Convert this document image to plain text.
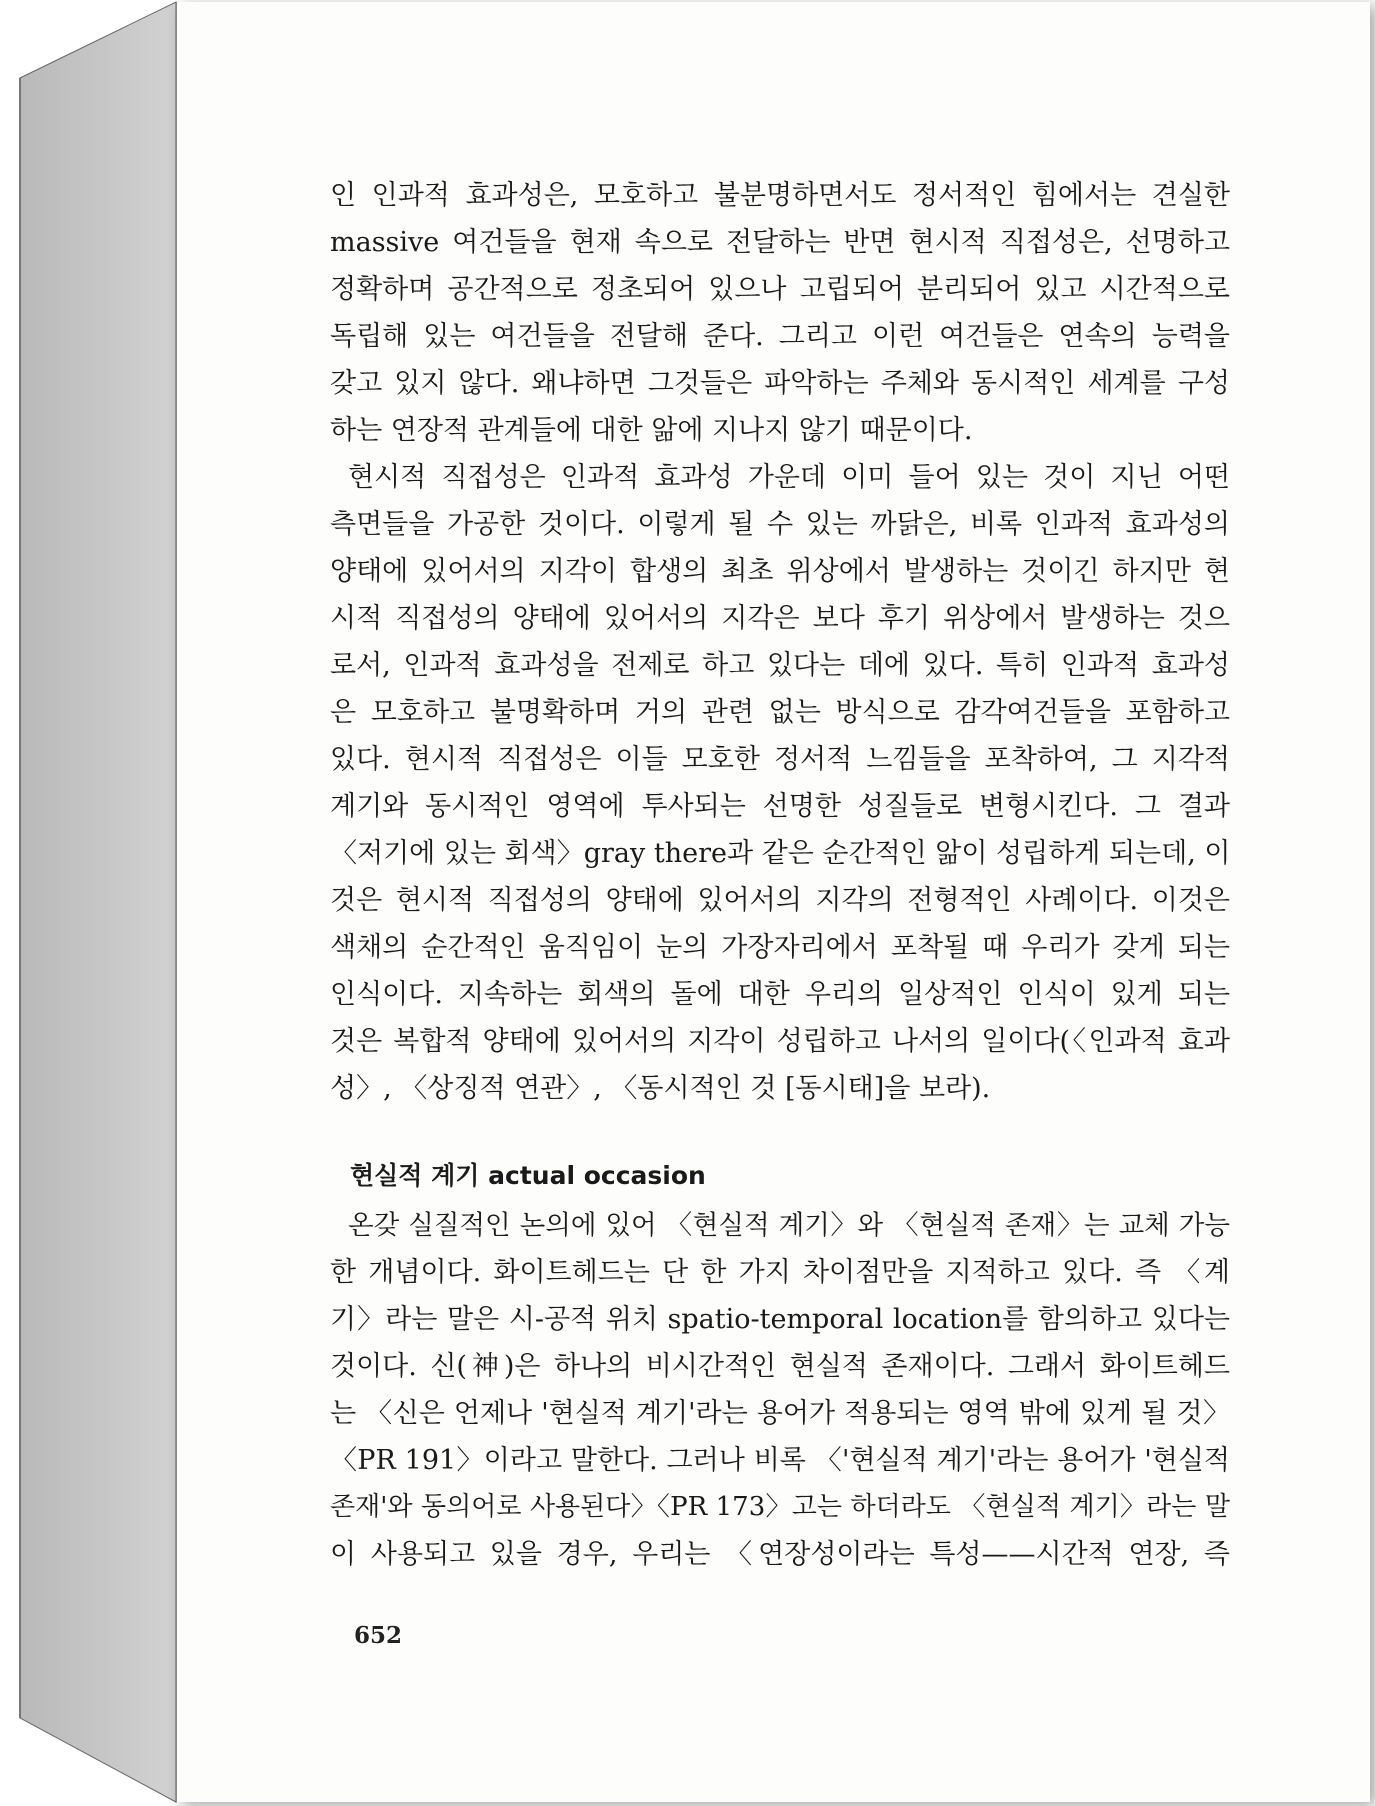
인 인과적 효과성은, 모호하고 불분명하면서도 정서적인 힘에서는 견실한
massive 여건들을 현재 속으로 전달하는 반면 현시적 직접성은, 선명하고
정확하며 공간적으로 정초되어 있으나 고립되어 분리되어 있고 시간적으로
독립해 있는 여건들을 전달해 준다. 그리고 이런 여건들은 연속의 능력을
갖고 있지 않다. 왜냐하면 그것들은 파악하는 주체와 동시적인 세계를 구성
하는 연장적 관계들에 대한 앎에 지나지 않기 때문이다.
현시적 직접성은 인과적 효과성 가운데 이미 들어 있는 것이 지닌 어떤
측면들을 가공한 것이다. 이렇게 될 수 있는 까닭은, 비록 인과적 효과성의
양태에 있어서의 지각이 합생의 최초 위상에서 발생하는 것이긴 하지만 현
시적 직접성의 양태에 있어서의 지각은 보다 후기 위상에서 발생하는 것으
로서, 인과적 효과성을 전제로 하고 있다는 데에 있다. 특히 인과적 효과성
은 모호하고 불명확하며 거의 관련 없는 방식으로 감각여건들을 포함하고
있다. 현시적 직접성은 이들 모호한 정서적 느낌들을 포착하여, 그 지각적
계기와 동시적인 영역에 투사되는 선명한 성질들로 변형시킨다. 그 결과
〈저기에 있는 회색〉gray there과 같은 순간적인 앎이 성립하게 되는데, 이
것은 현시적 직접성의 양태에 있어서의 지각의 전형적인 사례이다. 이것은
색채의 순간적인 움직임이 눈의 가장자리에서 포착될 때 우리가 갖게 되는
인식이다. 지속하는 회색의 돌에 대한 우리의 일상적인 인식이 있게 되는
것은 복합적 양태에 있어서의 지각이 성립하고 나서의 일이다(〈인과적 효과
성〉, 〈상징적 연관〉, 〈동시적인 것 [동시태]을 보라).
현실적 계기 actual occasion
온갖 실질적인 논의에 있어 〈현실적 계기〉와 〈현실적 존재〉는 교체 가능
한 개념이다. 화이트헤드는 단 한 가지 차이점만을 지적하고 있다. 즉 〈계
기〉라는 말은 시-공적 위치 spatio-temporal location를 함의하고 있다는
것이다. 신(神)은 하나의 비시간적인 현실적 존재이다. 그래서 화이트헤드
는 〈신은 언제나 '현실적 계기'라는 용어가 적용되는 영역 밖에 있게 될 것〉
〈PR 191〉이라고 말한다. 그러나 비록 〈'현실적 계기'라는 용어가 '현실적
존재'와 동의어로 사용된다〉〈PR 173〉고는 하더라도 〈현실적 계기〉라는 말
이 사용되고 있을 경우, 우리는 〈연장성이라는 특성——시간적 연장, 즉
652
